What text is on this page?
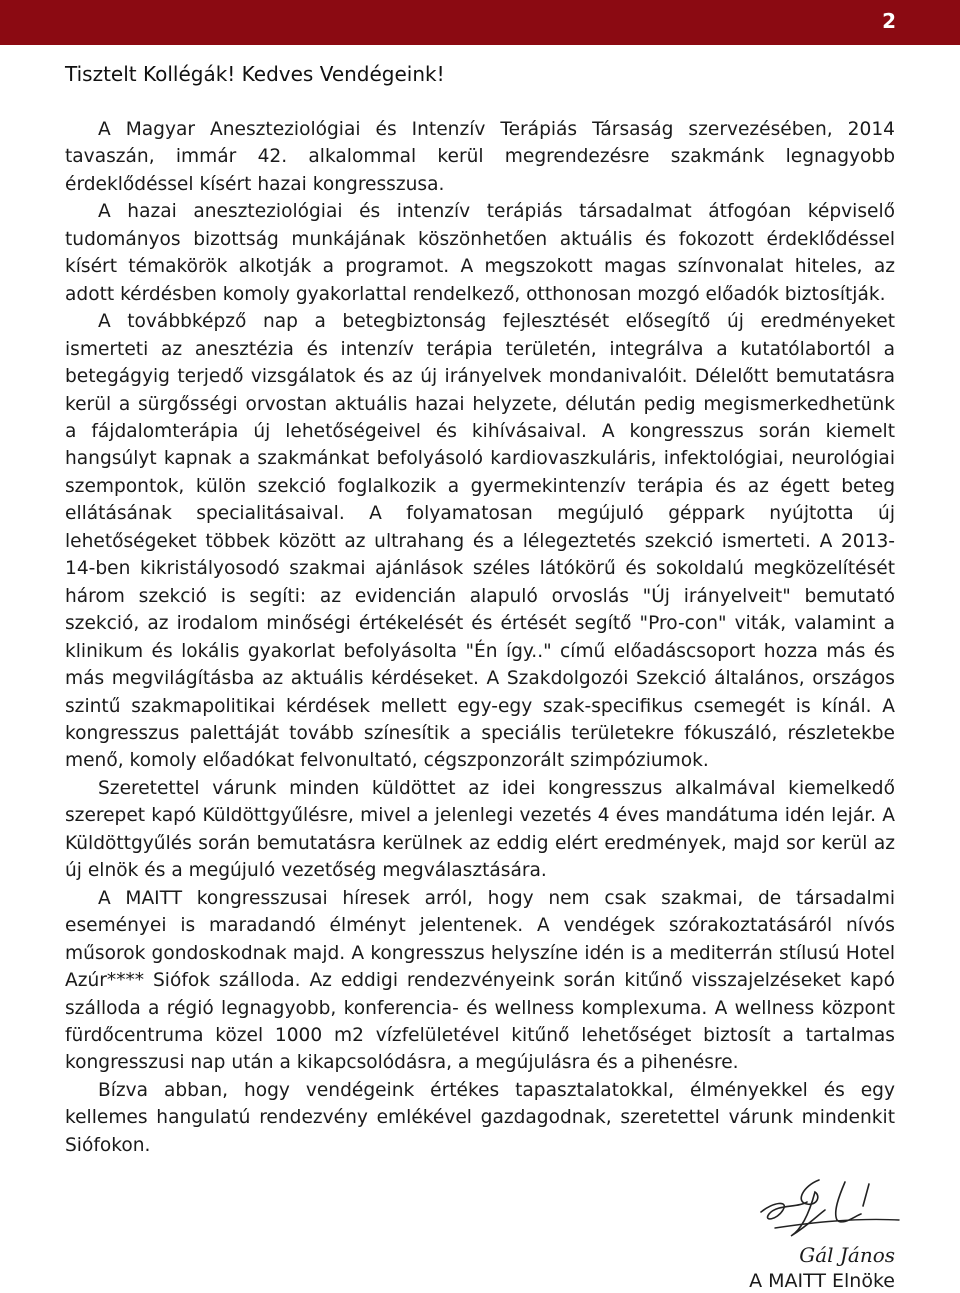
2
Tisztelt Kollégák! Kedves Vendégeink!

A Magyar Aneszteziológiai és Intenzív Terápiás Társaság szervezésében, 2014 tavaszán, immár 42. alkalommal kerül megrendezésre szakmánk legnagyobb érdeklődéssel kísért hazai kongresszusa.

A hazai aneszteziológiai és intenzív terápiás társadalmat átfogóan képviselő tudományos bizottság munkájának köszönhetően aktuális és fokozott érdeklődéssel kísért témakörök alkotják a programot. A megszokott magas színvonalat hiteles, az adott kérdésben komoly gyakorlattal rendelkező, otthonosan mozgó előadók biztosítják.

A továbbképző nap a betegbiztonság fejlesztését elősegítő új eredményeket ismerteti az anesztézia és intenzív terápia területén, integrálva a kutatólabortól a betegágyig terjedő vizsgálatok és az új irányelvek mondanivalóit. Délelőtt bemutatásra kerül a sürgősségi orvostan aktuális hazai helyzete, délután pedig megismerkedhetünk a fájdalomterápia új lehetőségeivel és kihívásaival. A kongresszus során kiemelt hangsúlyt kapnak a szakmánkat befolyásoló kardiovaszkuláris, infektológiai, neurológiai szempontok, külön szekció foglalkozik a gyermekintenzív terápia és az égett beteg ellátásának specialitásaival. A folyamatosan megújuló géppark nyújtotta új lehetőségeket többek között az ultrahang és a lélegeztetés szekció ismerteti. A 2013-14-ben kikristályosodó szakmai ajánlások széles látókörű és sokoldalú megközelítését három szekció is segíti: az evidencián alapuló orvoslás "Új irányelveit" bemutató szekció, az irodalom minőségi értékelését és értését segítő "Pro-con" viták, valamint a klinikum és lokális gyakorlat befolyásolta "Én így.." című előadáscsoport hozza más és más megvilágításba az aktuális kérdéseket. A Szakdolgozói Szekció általános, országos szintű szakmapolitikai kérdések mellett egy-egy szak-specifikus csemegét is kínál. A kongresszus palettáját tovább színesítik a speciális területekre fókuszáló, részletekbe menő, komoly előadókat felvonultató, cégszponzorált szimpóziumok.

Szeretettel várunk minden küldöttet az idei kongresszus alkalmával kiemelkedő szerepet kapó Küldöttgyűlésre, mivel a jelenlegi vezetés 4 éves mandátuma idén lejár. A Küldöttgyűlés során bemutatásra kerülnek az eddig elért eredmények, majd sor kerül az új elnök és a megújuló vezetőség megválasztására.

A MAITT kongresszusai híresek arról, hogy nem csak szakmai, de társadalmi eseményei is maradandó élményt jelentenek. A vendégek szórakoztatásáról nívós műsorok gondoskodnak majd. A kongresszus helyszíne idén is a mediterrán stílusú Hotel Azúr**** Siófok szálloda. Az eddigi rendezvényeink során kitűnő visszajelzéseket kapó szálloda a régió legnagyobb, konferencia- és wellness komplexuma. A wellness központ fürdőcentruma közel 1000 m2 vízfelületével kitűnő lehetőséget biztosít a tartalmas kongresszusi nap után a kikapcsolódásra, a megújulásra és a pihenésre.

Bízva abban, hogy vendégeink értékes tapasztalatokkal, élményekkel és egy kellemes hangulatú rendezvény emlékével gazdagodnak, szeretettel várunk mindenkit Siófokon.

Gál János
A MAITT Elnöke
